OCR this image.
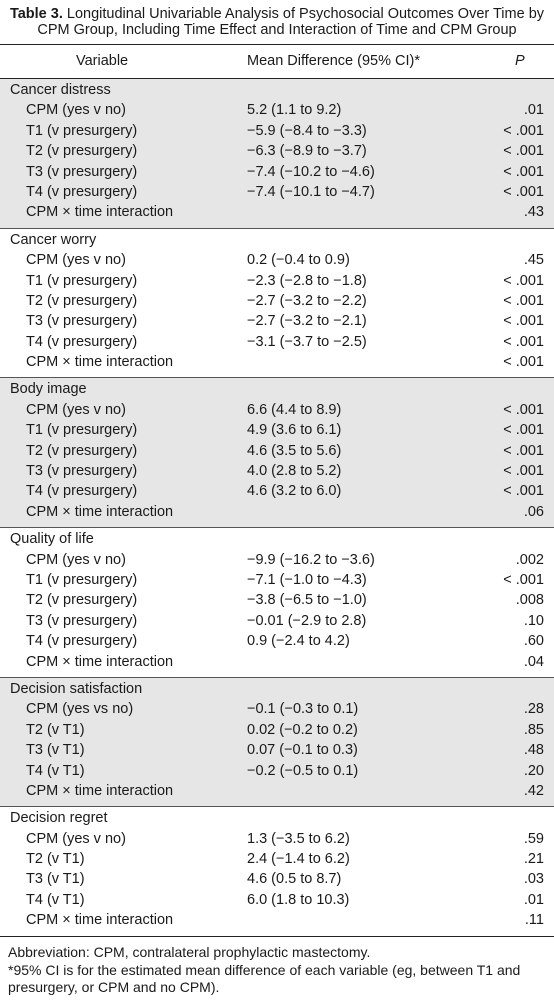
Table 3. Longitudinal Univariable Analysis of Psychosocial Outcomes Over Time by CPM Group, Including Time Effect and Interaction of Time and CPM Group
Variable	Mean Difference (95% CI)*	P
Cancer distress
CPM (yes v no)	5.2 (1.1 to 9.2)	.01
T1 (v presurgery)	−5.9 (−8.4 to −3.3)	< .001
T2 (v presurgery)	−6.3 (−8.9 to −3.7)	< .001
T3 (v presurgery)	−7.4 (−10.2 to −4.6)	< .001
T4 (v presurgery)	−7.4 (−10.1 to −4.7)	< .001
CPM × time interaction	.43
Cancer worry
CPM (yes v no)	0.2 (−0.4 to 0.9)	.45
T1 (v presurgery)	−2.3 (−2.8 to −1.8)	< .001
T2 (v presurgery)	−2.7 (−3.2 to −2.2)	< .001
T3 (v presurgery)	−2.7 (−3.2 to −2.1)	< .001
T4 (v presurgery)	−3.1 (−3.7 to −2.5)	< .001
CPM × time interaction	< .001
Body image
CPM (yes v no)	6.6 (4.4 to 8.9)	< .001
T1 (v presurgery)	4.9 (3.6 to 6.1)	< .001
T2 (v presurgery)	4.6 (3.5 to 5.6)	< .001
T3 (v presurgery)	4.0 (2.8 to 5.2)	< .001
T4 (v presurgery)	4.6 (3.2 to 6.0)	< .001
CPM × time interaction	.06
Quality of life
CPM (yes v no)	−9.9 (−16.2 to −3.6)	.002
T1 (v presurgery)	−7.1 (−1.0 to −4.3)	< .001
T2 (v presurgery)	−3.8 (−6.5 to −1.0)	.008
T3 (v presurgery)	−0.01 (−2.9 to 2.8)	.10
T4 (v presurgery)	0.9 (−2.4 to 4.2)	.60
CPM × time interaction	.04
Decision satisfaction
CPM (yes vs no)	−0.1 (−0.3 to 0.1)	.28
T2 (v T1)	0.02 (−0.2 to 0.2)	.85
T3 (v T1)	0.07 (−0.1 to 0.3)	.48
T4 (v T1)	−0.2 (−0.5 to 0.1)	.20
CPM × time interaction	.42
Decision regret
CPM (yes v no)	1.3 (−3.5 to 6.2)	.59
T2 (v T1)	2.4 (−1.4 to 6.2)	.21
T3 (v T1)	4.6 (0.5 to 8.7)	.03
T4 (v T1)	6.0 (1.8 to 10.3)	.01
CPM × time interaction	.11
Abbreviation: CPM, contralateral prophylactic mastectomy.
*95% CI is for the estimated mean difference of each variable (eg, between T1 and presurgery, or CPM and no CPM).
